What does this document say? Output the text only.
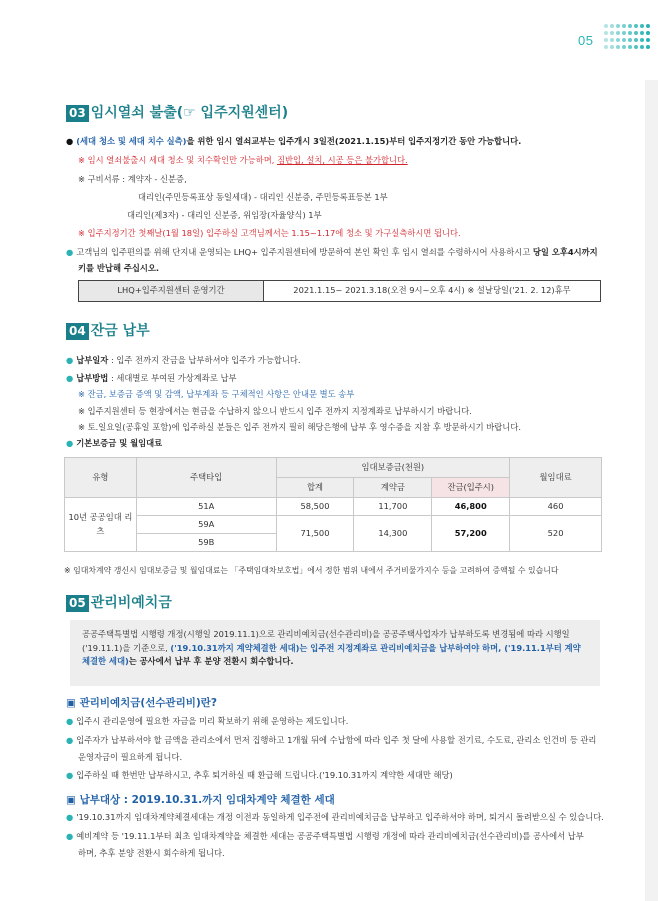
05
03 임시열쇠 불출(☞ 입주지원센터)
● (세대 청소 및 세대 치수 실측)을 위한 임시 열쇠교부는 입주개시 3일전(2021.1.15)부터 입주지정기간 동안 가능합니다.
※ 임시 열쇠불출시 세대 청소 및 치수확인만 가능하며, 짐반입, 설치, 시공 등은 불가합니다.
※ 구비서류 : 계약자 - 신분증,
대리인(주민등록표상 동일세대) - 대리인 신분증, 주민등록표등본 1부
대리인(제3자) - 대리인 신분증, 위임장(자율양식) 1부
※ 입주지정기간 첫째날(1월 18일) 입주하실 고객님께서는 1.15~1.17에 청소 및 가구실측하시면 됩니다.
● 고객님의 입주편의를 위해 단지내 운영되는 LHQ+ 입주지원센터에 방문하여 본인 확인 후 임시 열쇠를 수령하시어 사용하시고 당일 오후4시까지
키를 반납해 주십시오.
LHQ+입주지원센터 운영기간	2021.1.15~ 2021.3.18(오전 9시~오후 4시) ※ 설날당일('21. 2. 12)휴무
04 잔금 납부
● 납부일자 : 입주 전까지 잔금을 납부하셔야 입주가 가능합니다.
● 납부방법 : 세대별로 부여된 가상계좌로 납부
※ 잔금, 보증금 증액 및 감액, 납부계좌 등 구체적인 사항은 안내문 별도 송부
※ 입주지원센터 등 현장에서는 현금을 수납하지 않으니 반드시 입주 전까지 지정계좌로 납부하시기 바랍니다.
※ 토.일요일(공휴일 포함)에 입주하실 분들은 입주 전까지 필히 해당은행에 납부 후 영수증을 지참 후 방문하시기 바랍니다.
● 기본보증금 및 월임대료
유형	주택타입	임대보증금(천원)			월임대료
		합계	계약금	잔금(입주시)	
10년 공공임대 리츠	51A	58,500	11,700	46,800	460
	59A	71,500	14,300	57,200	520
	59B				
※ 임대차계약 갱신시 임대보증금 및 월임대료는 「주택임대차보호법」에서 정한 범위 내에서 주거비물가지수 등을 고려하여 증액될 수 있습니다
05 관리비예치금
공공주택특별법 시행령 개정(시행일 2019.11.1)으로 관리비예치금(선수관리비)을 공공주택사업자가 납부하도록 변경됨에 따라 시행일
('19.11.1)을 기준으로, ('19.10.31까지 계약체결한 세대)는 입주전 지정계좌로 관리비예치금을 납부하여야 하며, ('19.11.1부터 계약
체결한 세대)는 공사에서 납부 후 분양 전환시 회수합니다.
▣ 관리비예치금(선수관리비)란?
● 입주시 관리운영에 필요한 자금을 미리 확보하기 위해 운영하는 제도입니다.
● 입주자가 납부하셔야 할 금액을 관리소에서 먼저 집행하고 1개월 뒤에 수납함에 따라 입주 첫 달에 사용할 전기료, 수도료, 관리소 인건비 등 관리
운영자금이 필요하게 됩니다.
● 입주하실 때 한번만 납부하시고, 추후 퇴거하실 때 환급해 드립니다.('19.10.31까지 계약한 세대만 해당)
▣ 납부대상 : 2019.10.31.까지 임대차계약 체결한 세대
● '19.10.31까지 임대차계약체결세대는 개정 이전과 동일하게 입주전에 관리비예치금을 납부하고 입주하셔야 하며, 퇴거시 돌려받으실 수 있습니다.
● 예비계약 등 '19.11.1부터 최초 임대차계약을 체결한 세대는 공공주택특별법 시행령 개정에 따라 관리비예치금(선수관리비)를 공사에서 납부
하며, 추후 분양 전환시 회수하게 됩니다.
